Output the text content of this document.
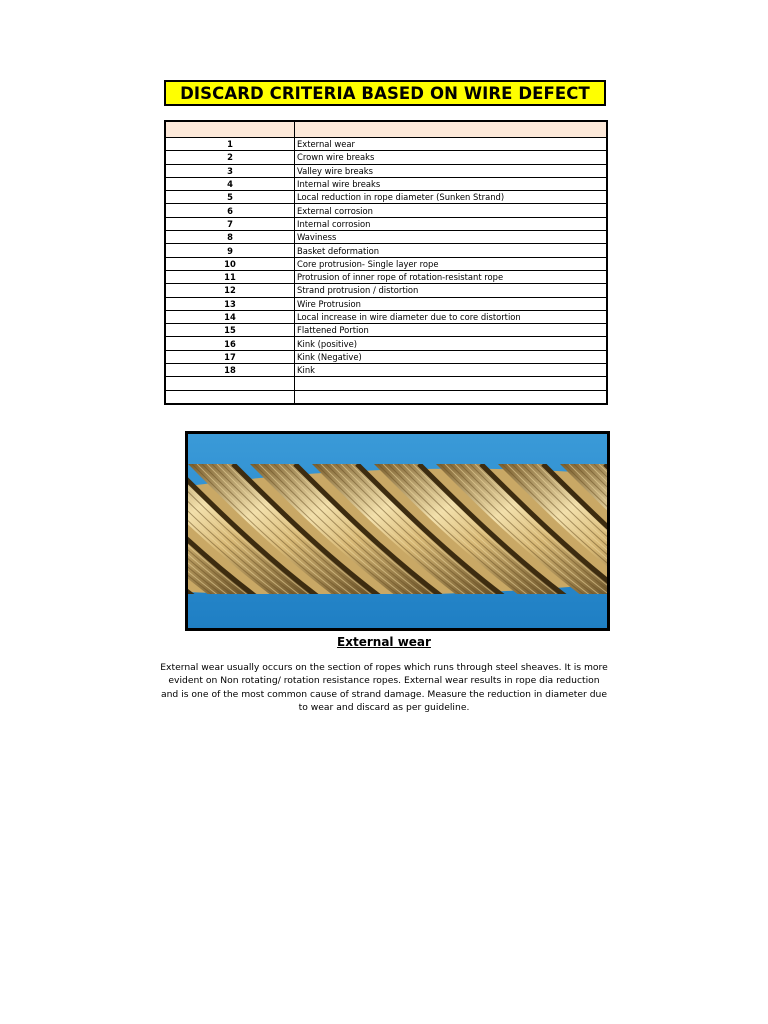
DISCARD CRITERIA BASED ON WIRE DEFECT

1	External wear
2	Crown wire breaks
3	Valley wire breaks
4	Internal wire breaks
5	Local reduction in rope diameter (Sunken Strand)
6	External corrosion
7	Internal corrosion
8	Waviness
9	Basket deformation
10	Core protrusion- Single layer rope
11	Protrusion of inner rope of rotation-resistant rope
12	Strand protrusion / distortion
13	Wire Protrusion
14	Local increase in wire diameter due to core distortion
15	Flattened Portion
16	Kink (positive)
17	Kink (Negative)
18	Kink

External wear
External wear usually occurs on the section of ropes which runs through steel sheaves. It is more evident on Non rotating/ rotation resistance ropes. External wear results in rope dia reduction and is one of the most common cause of strand damage. Measure the reduction in diameter due to wear and discard as per guideline.
